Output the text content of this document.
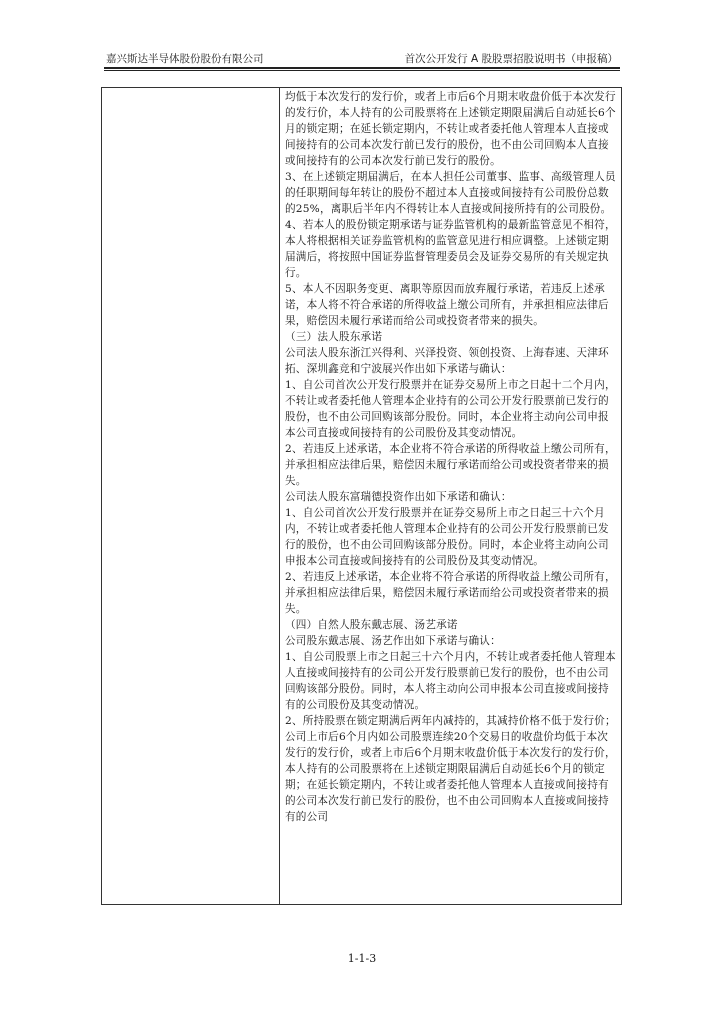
嘉兴斯达半导体股份股份有限公司	首次公开发行 A 股股票招股说明书（申报稿）

均低于本次发行的发行价，或者上市后6个月期末收盘价低于本次发行的发行价，本人持有的公司股票将在上述锁定期限届满后自动延长6个月的锁定期；在延长锁定期内，不转让或者委托他人管理本人直接或间接持有的公司本次发行前已发行的股份，也不由公司回购本人直接或间接持有的公司本次发行前已发行的股份。

3、在上述锁定期届满后，在本人担任公司董事、监事、高级管理人员的任职期间每年转让的股份不超过本人直接或间接持有公司股份总数的25%，离职后半年内不得转让本人直接或间接所持有的公司股份。

4、若本人的股份锁定期承诺与证券监管机构的最新监管意见不相符，本人将根据相关证券监管机构的监管意见进行相应调整。上述锁定期届满后，将按照中国证券监督管理委员会及证券交易所的有关规定执行。

5、本人不因职务变更、离职等原因而放弃履行承诺，若违反上述承诺，本人将不符合承诺的所得收益上缴公司所有，并承担相应法律后果，赔偿因未履行承诺而给公司或投资者带来的损失。

（三）法人股东承诺

公司法人股东浙江兴得利、兴泽投资、领创投资、上海春速、天津环拓、深圳鑫竞和宁波展兴作出如下承诺与确认：

1、自公司首次公开发行股票并在证券交易所上市之日起十二个月内，不转让或者委托他人管理本企业持有的公司公开发行股票前已发行的股份，也不由公司回购该部分股份。同时，本企业将主动向公司申报本公司直接或间接持有的公司股份及其变动情况。

2、若违反上述承诺，本企业将不符合承诺的所得收益上缴公司所有，并承担相应法律后果，赔偿因未履行承诺而给公司或投资者带来的损失。

公司法人股东富瑞德投资作出如下承诺和确认：

1、自公司首次公开发行股票并在证券交易所上市之日起三十六个月内，不转让或者委托他人管理本企业持有的公司公开发行股票前已发行的股份，也不由公司回购该部分股份。同时，本企业将主动向公司申报本公司直接或间接持有的公司股份及其变动情况。

2、若违反上述承诺，本企业将不符合承诺的所得收益上缴公司所有，并承担相应法律后果，赔偿因未履行承诺而给公司或投资者带来的损失。

（四）自然人股东戴志展、汤艺承诺

公司股东戴志展、汤艺作出如下承诺与确认：

1、自公司股票上市之日起三十六个月内，不转让或者委托他人管理本人直接或间接持有的公司公开发行股票前已发行的股份，也不由公司回购该部分股份。同时，本人将主动向公司申报本公司直接或间接持有的公司股份及其变动情况。

2、所持股票在锁定期满后两年内减持的，其减持价格不低于发行价；公司上市后6个月内如公司股票连续20个交易日的收盘价均低于本次发行的发行价，或者上市后6个月期末收盘价低于本次发行的发行价，本人持有的公司股票将在上述锁定期限届满后自动延长6个月的锁定期；在延长锁定期内，不转让或者委托他人管理本人直接或间接持有的公司本次发行前已发行的股份，也不由公司回购本人直接或间接持有的公司

1-1-3
